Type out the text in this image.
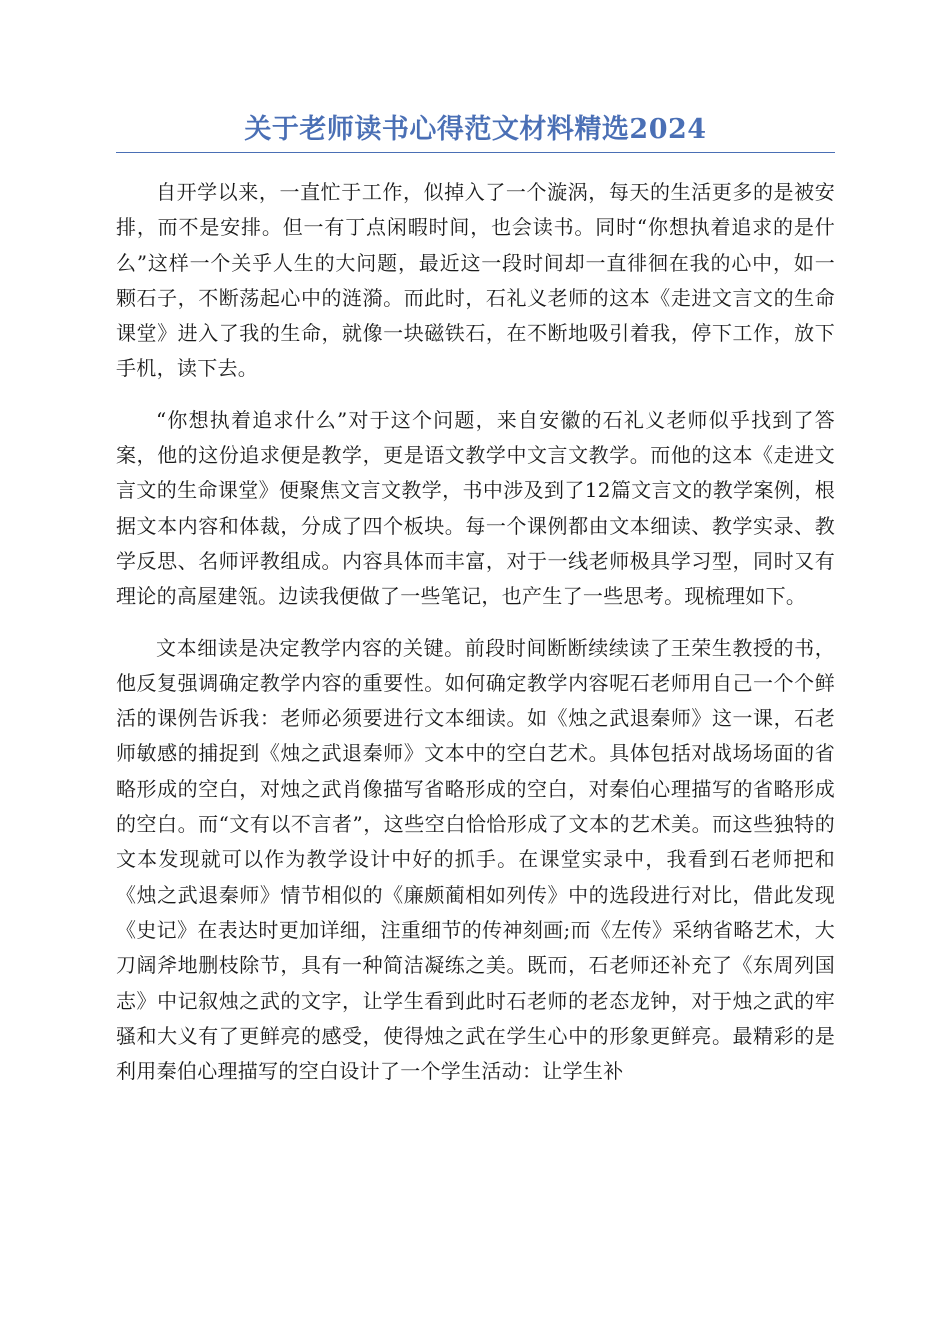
关于老师读书心得范文材料精选2024

自开学以来，一直忙于工作，似掉入了一个漩涡，每天的生活更多的是被安排，而不是安排。但一有丁点闲暇时间，也会读书。同时“你想执着追求的是什么”这样一个关乎人生的大问题，最近这一段时间却一直徘徊在我的心中，如一颗石子，不断荡起心中的涟漪。而此时，石礼义老师的这本《走进文言文的生命课堂》进入了我的生命，就像一块磁铁石，在不断地吸引着我，停下工作，放下手机，读下去。

“你想执着追求什么”对于这个问题，来自安徽的石礼义老师似乎找到了答案，他的这份追求便是教学，更是语文教学中文言文教学。而他的这本《走进文言文的生命课堂》便聚焦文言文教学，书中涉及到了12篇文言文的教学案例，根据文本内容和体裁，分成了四个板块。每一个课例都由文本细读、教学实录、教学反思、名师评教组成。内容具体而丰富，对于一线老师极具学习型，同时又有理论的高屋建瓴。边读我便做了一些笔记，也产生了一些思考。现梳理如下。

文本细读是决定教学内容的关键。前段时间断断续续读了王荣生教授的书，他反复强调确定教学内容的重要性。如何确定教学内容呢石老师用自己一个个鲜活的课例告诉我：老师必须要进行文本细读。如《烛之武退秦师》这一课，石老师敏感的捕捉到《烛之武退秦师》文本中的空白艺术。具体包括对战场场面的省略形成的空白，对烛之武肖像描写省略形成的空白，对秦伯心理描写的省略形成的空白。而“文有以不言者”，这些空白恰恰形成了文本的艺术美。而这些独特的文本发现就可以作为教学设计中好的抓手。在课堂实录中，我看到石老师把和《烛之武退秦师》情节相似的《廉颇蔺相如列传》中的选段进行对比，借此发现《史记》在表达时更加详细，注重细节的传神刻画;而《左传》采纳省略艺术，大刀阔斧地删枝除节，具有一种简洁凝练之美。既而，石老师还补充了《东周列国志》中记叙烛之武的文字，让学生看到此时石老师的老态龙钟，对于烛之武的牢骚和大义有了更鲜亮的感受，使得烛之武在学生心中的形象更鲜亮。最精彩的是利用秦伯心理描写的空白设计了一个学生活动：让学生补
